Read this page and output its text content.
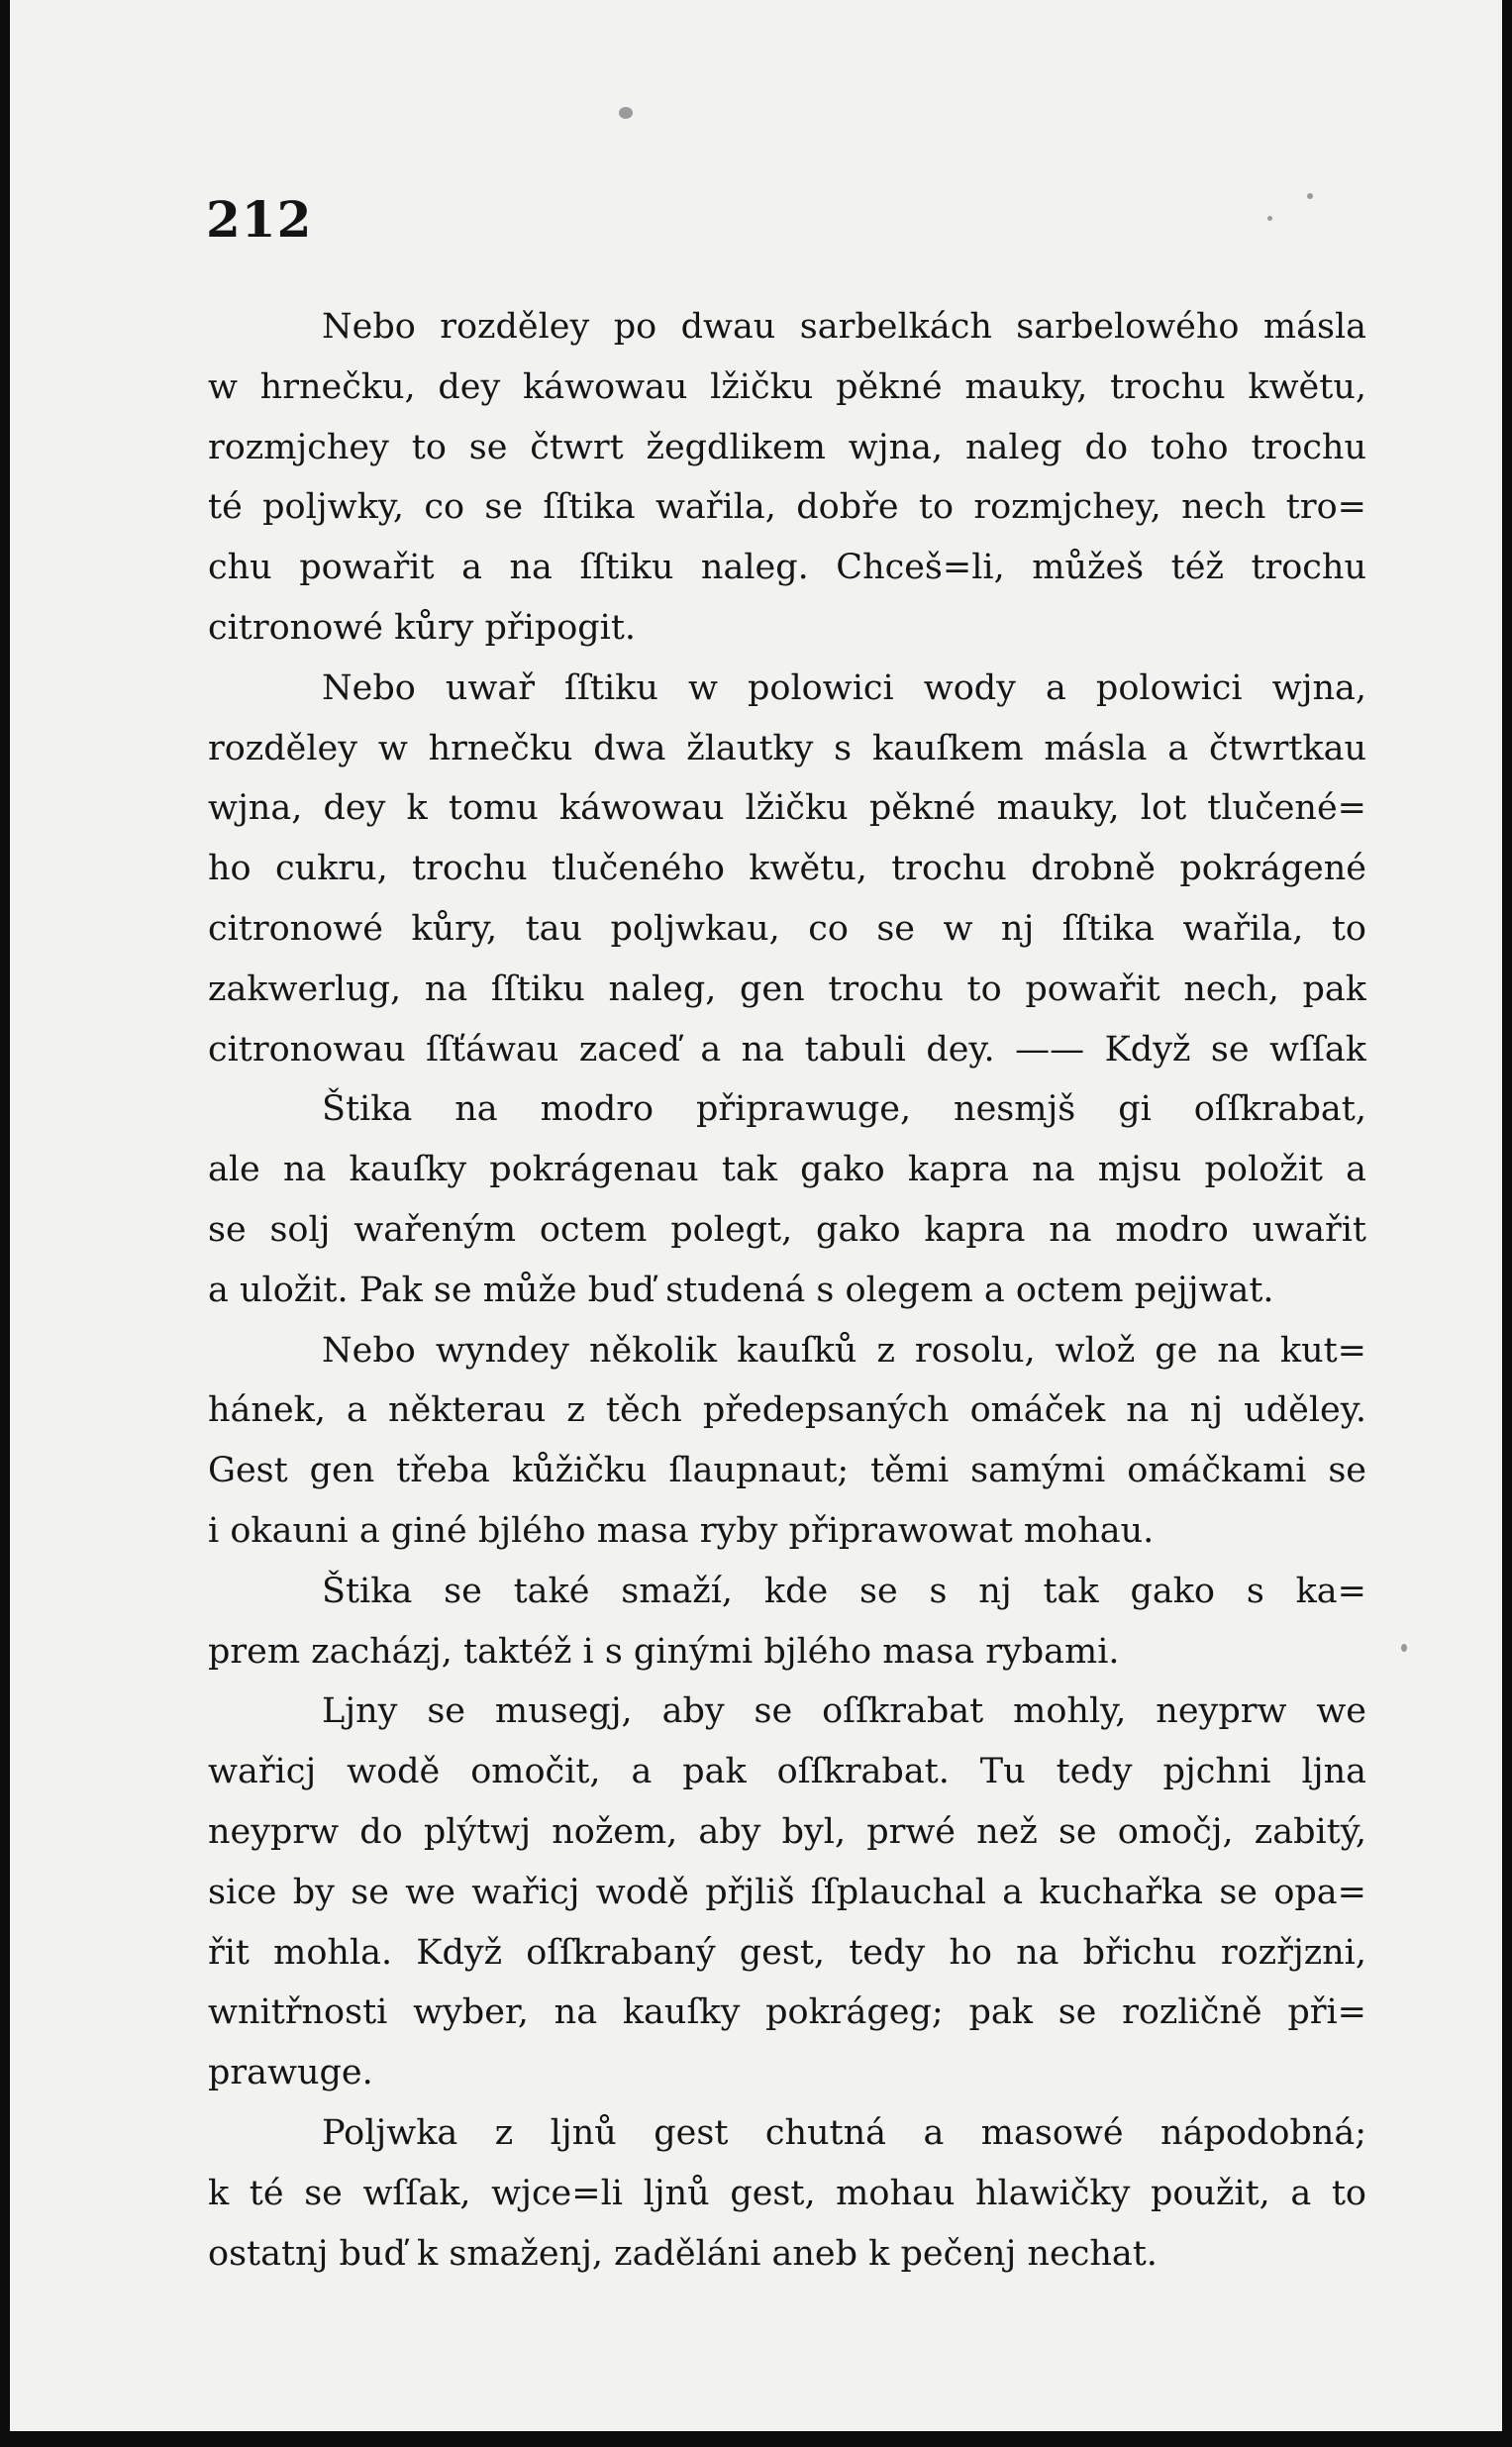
212
Nebo rozděley po dwau sarbelkách sarbelowého másla
w hrnečku, dey káwowau lžičku pěkné mauky, trochu kwětu,
rozmjchey to se čtwrt žegdlikem wjna, naleg do toho trochu
té poljwky, co se ſſtika wařila, dobře to rozmjchey, nech tro=
chu powařit a na ſſtiku naleg. Chceš=li, můžeš též trochu
citronowé kůry připogit.
Nebo uwař ſſtiku w polowici wody a polowici wjna,
rozděley w hrnečku dwa žlautky s kauſkem másla a čtwrtkau
wjna, dey k tomu káwowau lžičku pěkné mauky, lot tlučené=
ho cukru, trochu tlučeného kwětu, trochu drobně pokrágené
citronowé kůry, tau poljwkau, co se w nj ſſtika wařila, to
zakwerlug, na ſſtiku naleg, gen trochu to powařit nech, pak
citronowau ſſťáwau zaceď a na tabuli dey. —— Když se wſſak
Štika na modro připrawuge, nesmjš gi oſſkrabat,
ale na kauſky pokrágenau tak gako kapra na mjsu položit a
se solj wařeným octem polegt, gako kapra na modro uwařit
a uložit. Pak se může buď studená s olegem a octem pejjwat.
Nebo wyndey několik kauſků z rosolu, wlož ge na kut=
hánek, a některau z těch předepsaných omáček na nj uděley.
Gest gen třeba kůžičku ſlaupnaut; těmi samými omáčkami se
i okauni a giné bjlého masa ryby připrawowat mohau.
Štika se také smaží, kde se s nj tak gako s ka=
prem zacházj, taktéž i s ginými bjlého masa rybami.
Ljny se musegj, aby se oſſkrabat mohly, neyprw we
wařicj wodě omočit, a pak oſſkrabat. Tu tedy pjchni ljna
neyprw do plýtwj nožem, aby byl, prwé než se omočj, zabitý,
sice by se we wařicj wodě přjliš ſſplauchal a kuchařka se opa=
řit mohla. Když oſſkrabaný gest, tedy ho na břichu rozřjzni,
wnitřnosti wyber, na kauſky pokrágeg; pak se rozličně při=
prawuge.
Poljwka z ljnů gest chutná a masowé nápodobná;
k té se wſſak, wjce=li ljnů gest, mohau hlawičky použit, a to
ostatnj buď k smaženj, zaděláni aneb k pečenj nechat.
